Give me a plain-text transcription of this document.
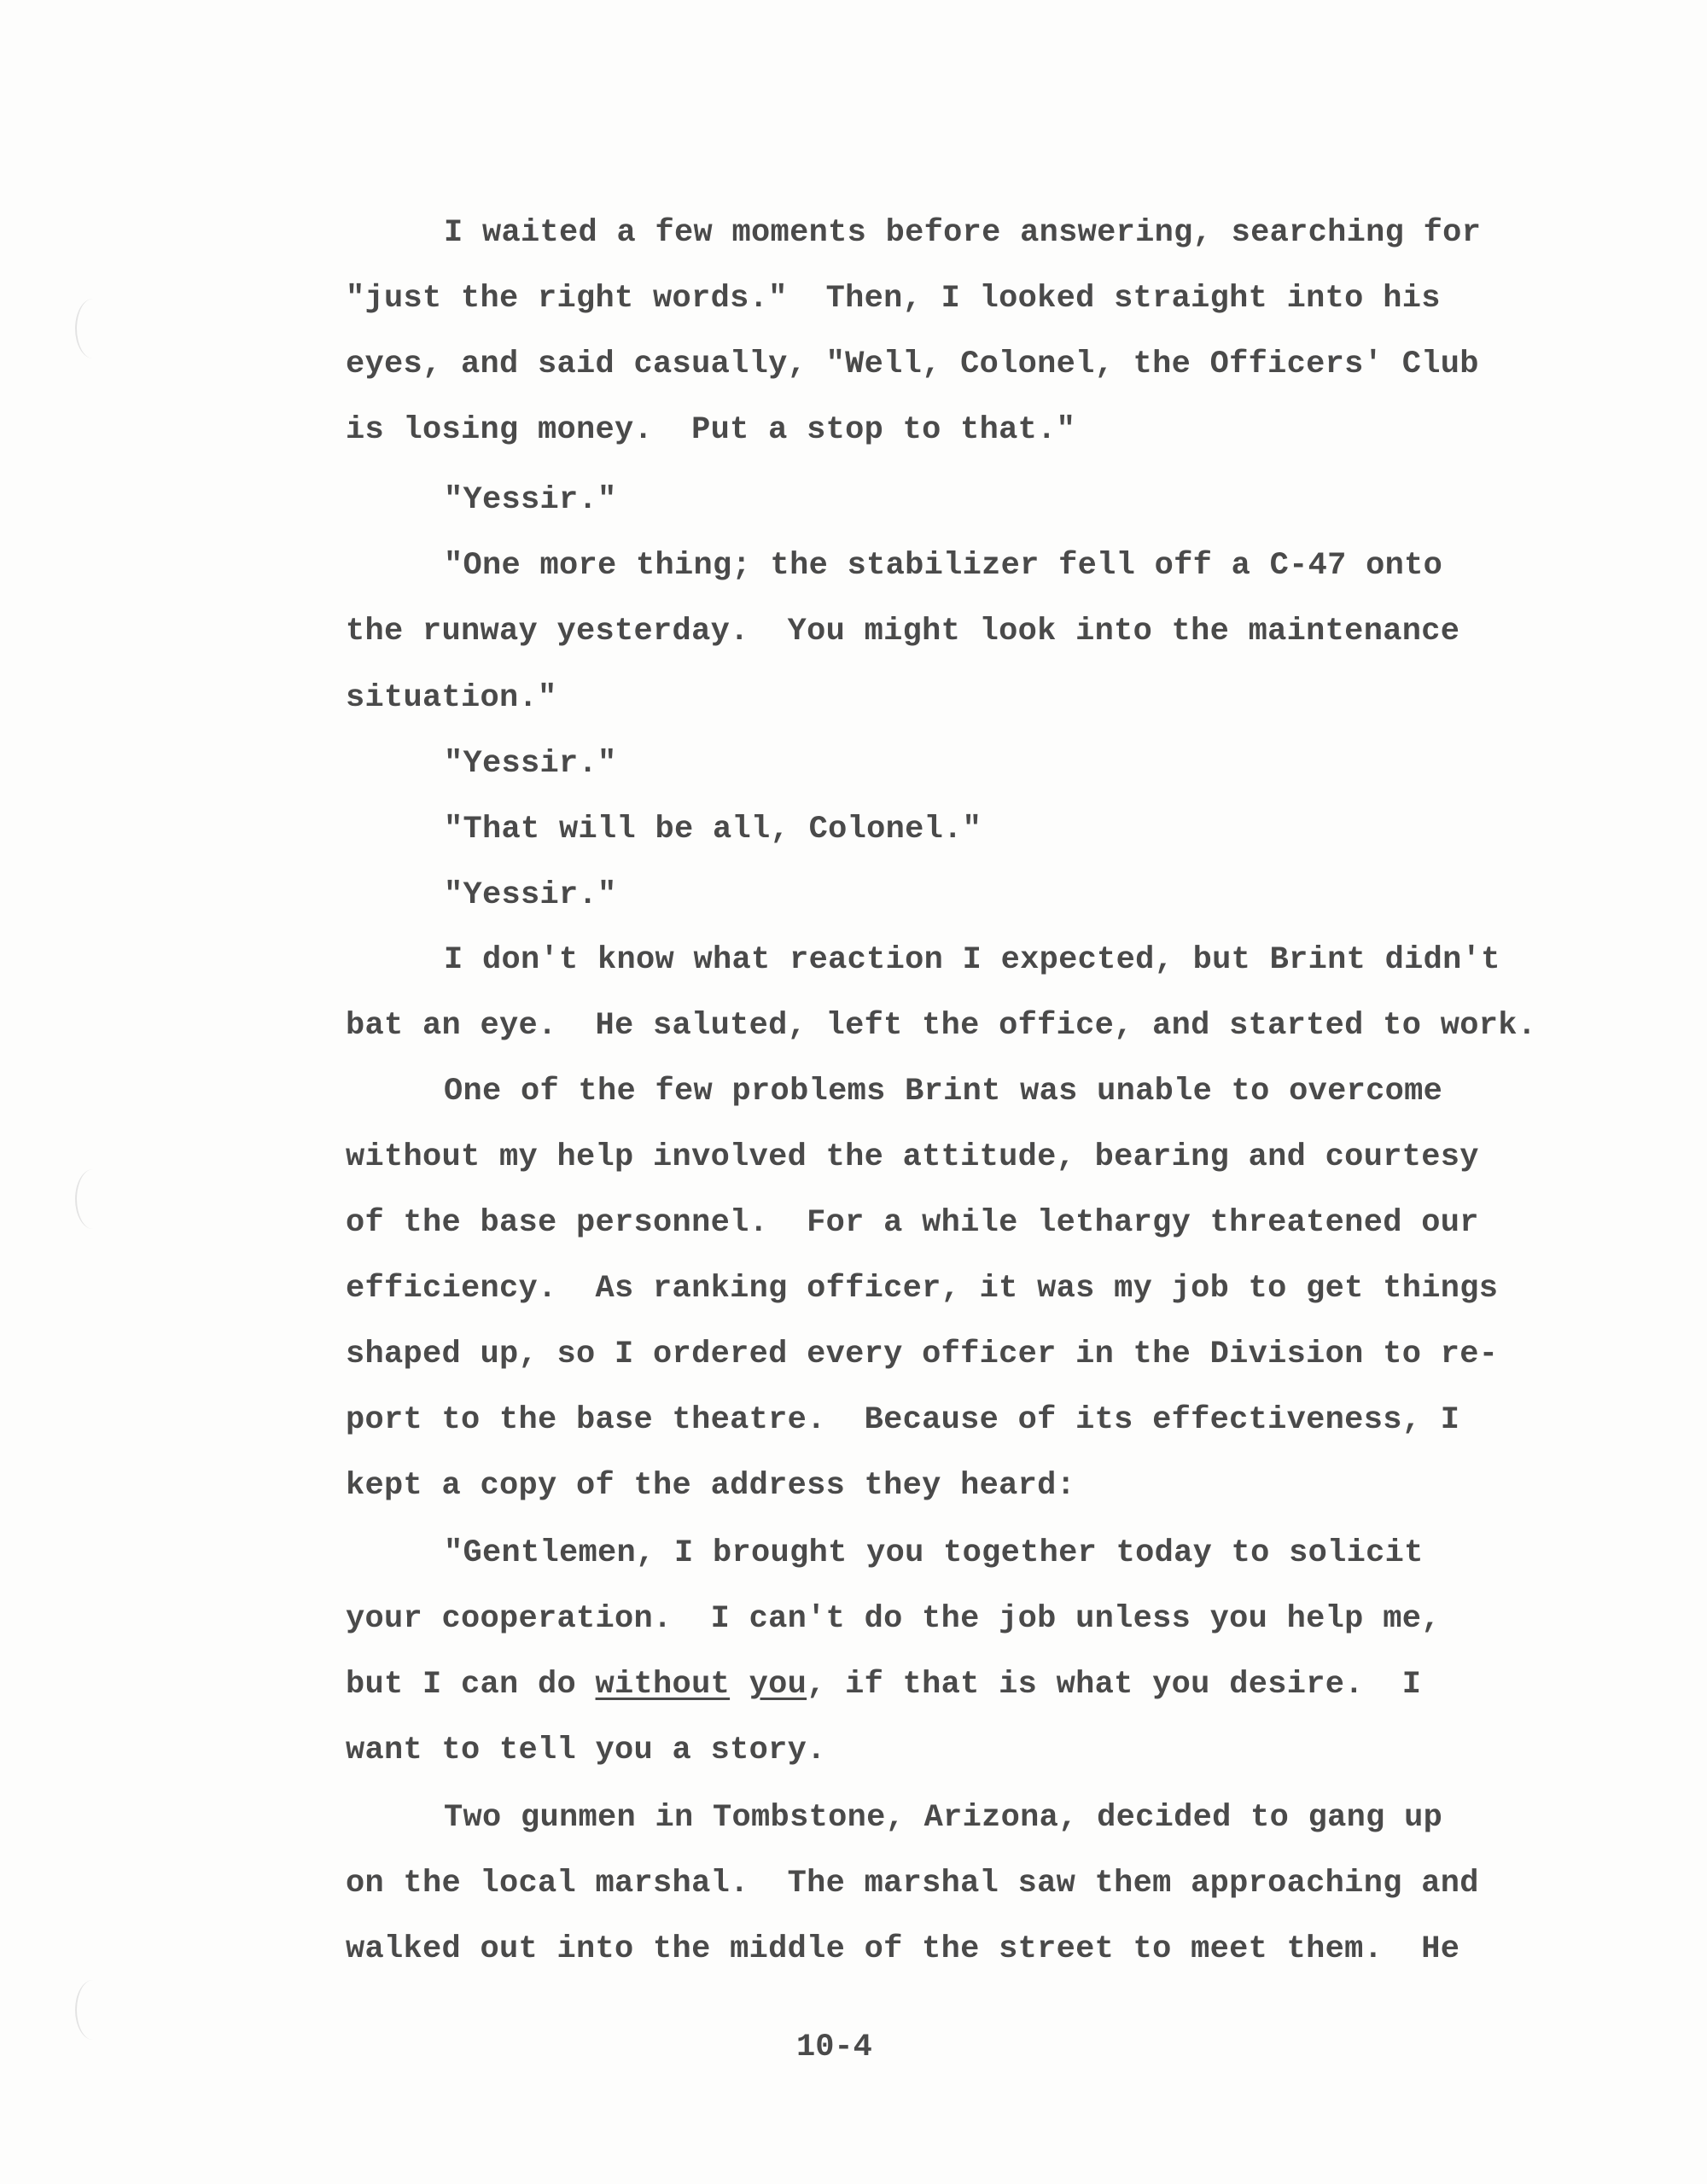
I waited a few moments before answering, searching for
"just the right words."  Then, I looked straight into his
eyes, and said casually, "Well, Colonel, the Officers' Club
is losing money.  Put a stop to that."
"Yessir."
"One more thing; the stabilizer fell off a C-47 onto
the runway yesterday.  You might look into the maintenance
situation."
"Yessir."
"That will be all, Colonel."
"Yessir."
I don't know what reaction I expected, but Brint didn't
bat an eye.  He saluted, left the office, and started to work.
One of the few problems Brint was unable to overcome
without my help involved the attitude, bearing and courtesy
of the base personnel.  For a while lethargy threatened our
efficiency.  As ranking officer, it was my job to get things
shaped up, so I ordered every officer in the Division to re-
port to the base theatre.  Because of its effectiveness, I
kept a copy of the address they heard:
"Gentlemen, I brought you together today to solicit
your cooperation.  I can't do the job unless you help me,
but I can do without you, if that is what you desire.  I
want to tell you a story.
Two gunmen in Tombstone, Arizona, decided to gang up
on the local marshal.  The marshal saw them approaching and
walked out into the middle of the street to meet them.  He
10-4
